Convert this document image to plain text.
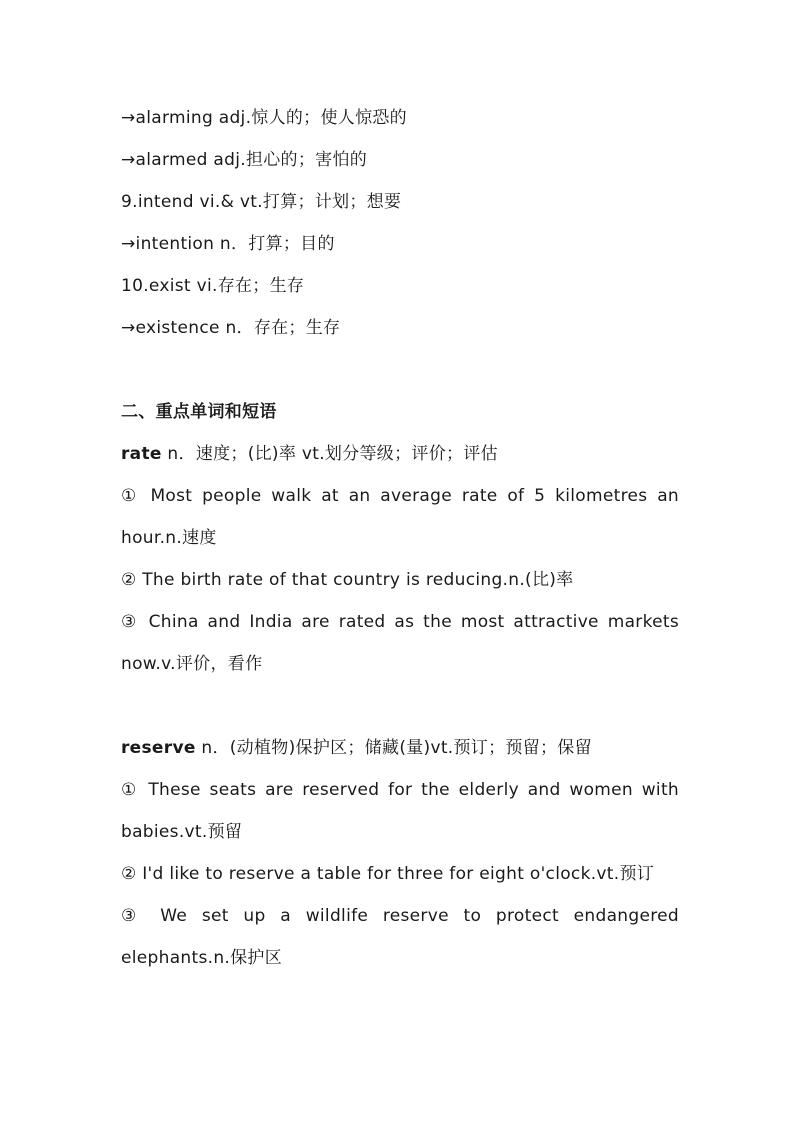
→alarming adj.惊人的；使人惊恐的
→alarmed adj.担心的；害怕的
9.intend vi.& vt.打算；计划；想要
→intention n．打算；目的
10.exist vi.存在；生存
→existence n．存在；生存
二、重点单词和短语
rate n．速度；(比)率 vt.划分等级；评价；评估
① Most people walk at an average rate of 5 kilometres an
hour.n.速度
② The birth rate of that country is reducing.n.(比)率
③ China and India are rated as the most attractive markets
now.v.评价，看作
reserve n．(动植物)保护区；储藏(量)vt.预订；预留；保留
① These seats are reserved for the elderly and women with
babies.vt.预留
② I'd like to reserve a table for three for eight o'clock.vt.预订
③ We set up a wildlife reserve to protect endangered
elephants.n.保护区
